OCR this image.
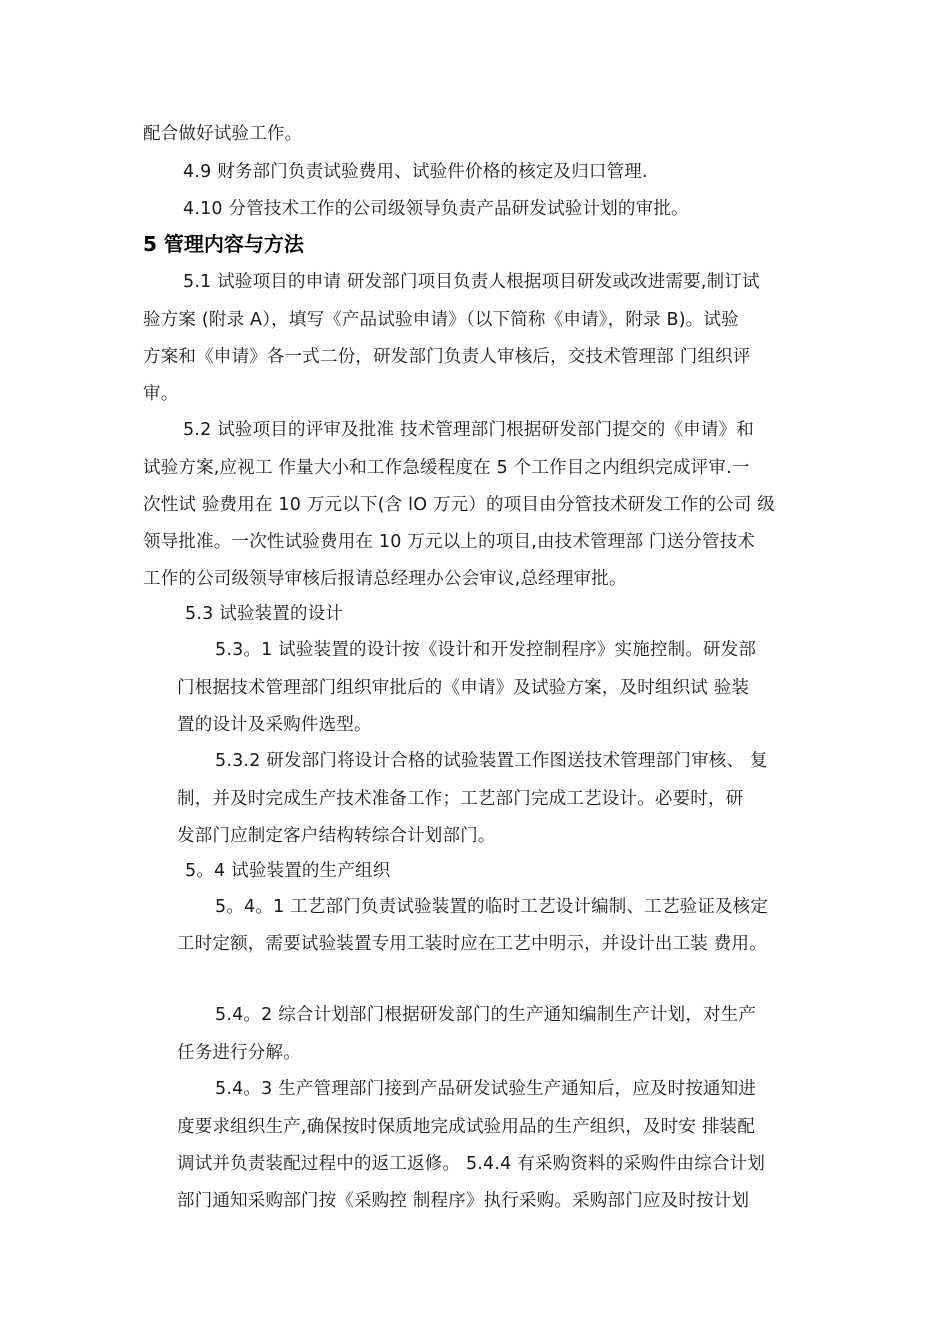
配合做好试验工作。
4.9 财务部门负责试验费用、试验件价格的核定及归口管理.
4.10 分管技术工作的公司级领导负责产品研发试验计划的审批。
5 管理内容与方法
5.1 试验项目的申请 研发部门项目负责人根据项目研发或改进需要,制订试
验方案 (附录 A），填写《产品试验申请》（以下简称《申请》，附录 B)。试验
方案和《申请》各一式二份，研发部门负责人审核后，交技术管理部 门组织评
审。
5.2 试验项目的评审及批准 技术管理部门根据研发部门提交的《申请》和
试验方案,应视工 作量大小和工作急缓程度在 5 个工作目之内组织完成评审.一
次性试 验费用在 10 万元以下(含 lO 万元）的项目由分管技术研发工作的公司 级
领导批准。一次性试验费用在 10 万元以上的项目,由技术管理部 门送分管技术
工作的公司级领导审核后报请总经理办公会审议,总经理审批。
5.3 试验装置的设计
5.3。1 试验装置的设计按《设计和开发控制程序》实施控制。研发部
门根据技术管理部门组织审批后的《申请》及试验方案，及时组织试 验装
置的设计及采购件选型。
5.3.2 研发部门将设计合格的试验装置工作图送技术管理部门审核、 复
制，并及时完成生产技术准备工作；工艺部门完成工艺设计。必要时，研
发部门应制定客户结构转综合计划部门。
5。4 试验装置的生产组织
5。4。1 工艺部门负责试验装置的临时工艺设计编制、工艺验证及核定
工时定额，需要试验装置专用工装时应在工艺中明示，并设计出工装 费用。
5.4。2 综合计划部门根据研发部门的生产通知编制生产计划，对生产
任务进行分解。
5.4。3 生产管理部门接到产品研发试验生产通知后，应及时按通知进
度要求组织生产,确保按时保质地完成试验用品的生产组织，及时安 排装配
调试并负责装配过程中的返工返修。 5.4.4 有采购资料的采购件由综合计划
部门通知采购部门按《采购控 制程序》执行采购。采购部门应及时按计划
